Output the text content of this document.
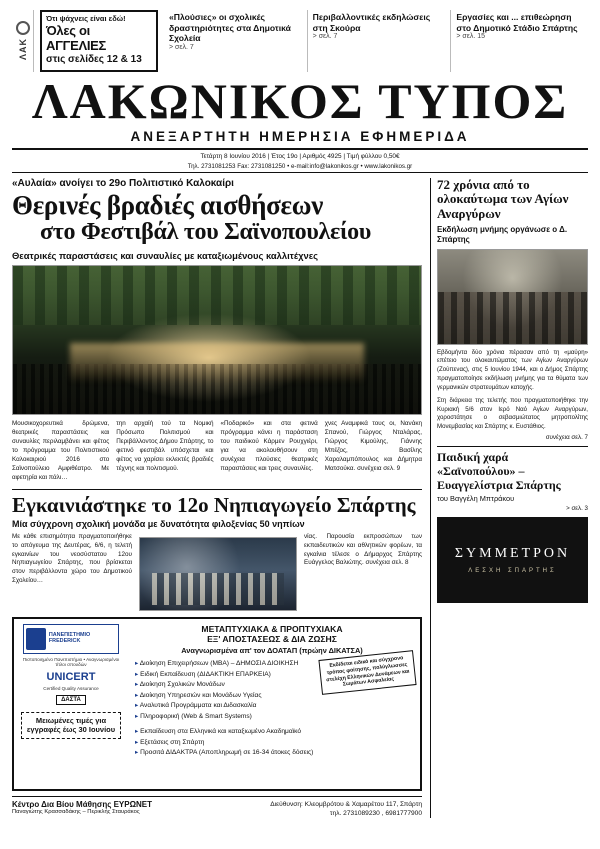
ΛΑΚ
Ότι ψάχνεις είναι εδώ!
Όλες οι ΑΓΓΕΛΙΕΣ
στις σελίδες 12 & 13
«Πλούσιες» οι σχολικές δραστηριότητες στα Δημοτικά Σχολεία
> σελ. 7
Περιβαλλοντικές εκδηλώσεις στη Σκούρα
> σελ. 7
Εργασίες και ... επιθεώρηση στο Δημοτικό Στάδιο Σπάρτης
> σελ. 15
ΛΑΚΩΝΙΚΟΣ ΤΥΠΟΣ
ΑΝΕΞΑΡΤΗΤΗ ΗΜΕΡΗΣΙΑ ΕΦΗΜΕΡΙΔΑ
Τετάρτη 8 Ιουνίου 2016 | Έτος 19ο | Αριθμός 4925 | Τιμή φύλλου 0,50€
Τηλ. 2731081253 Fax: 2731081250 • e-mail:info@lakonikos.gr • www.lakonikos.gr
«Αυλαία» ανοίγει το 29ο Πολιτιστικό Καλοκαίρι
Θερινές βραδιές αισθήσεων
στο Φεστιβάλ του Σαϊνοπουλείου
Θεατρικές παραστάσεις και συναυλίες με καταξιωμένους καλλιτέχνες
Μουσικοχορευτικά δρώμενα, θεατρικές παραστάσεις και συναυλίες περιλαμβάνει και φέτος το πρόγραμμα του Πολιτιστικού Καλοκαιριού 2016 στο Σαϊνοπούλειο Αμφιθέατρο. Με αφετηρία και πάλι…
τηn αρχαίή τού τα Νομική Πρόσωπο Πολιτισμού και Περιβάλλοντος Δήμου Σπάρτης, το φετινό φεστιβάλ υπόσχεται και φέτος να χαρίσει εκλεκτές βραδιές τέχνης και πολιτισμού.
«Ποδαρικό» και στα φετινά πρόγραμμα κάνει η παράσταση του παιδικού Κάρμεν Ρουχγιέρι, για να ακολουθήσουν στη συνέχεια πλούσιες θεατρικές παραστάσεις και τρεις συναυλίες.
χνες Αναμφικά τους οι, Νανάκη Σπανού, Γιώργος Νταλάρας, Γιώργος Κιμούλης, Γιάννης Μπέζος, Βασίλης Χαραλαμπόπουλος και Δήμητρα Ματσούκα. συνέχεια σελ. 9
Εγκαινιάστηκε το 12ο Νηπιαγωγείο Σπάρτης
Μία σύγχρονη σχολική μονάδα με δυνατότητα φιλοξενίας 50 νηπίων
Με κάθε επισημότητα πραγματοποιήθηκε το απόγευμα της Δευτέρας, 6/6, η τελετή εγκαινίων του νεοσύστατου 12ου Νηπιαγωγείου Σπάρτης, που βρίσκεται στον περιβάλλοντα χώρο του Δημοτικού Σχολείου…
νίας. Παρουσία εκπροσώπων των εκπαιδευτικών και αθλητικών φορέων, τα εγκαίνια τέλεσε ο Δήμαρχος Σπάρτης Ευάγγελος Βαλιώτης. συνέχεια σελ. 8
ΠΑΝΕΠΙΣΤΗΜΙΟ FREDERICK
Πιστοποιημένο Πανεπιστήμιο • Αναγνωρισμένοι τίτλοι σπουδών
UNICERT
Certified Quality Assurance
ΔΑΣΤΑ
Μειωμένες τιμές για
εγγραφές έως 30 Ιουνίου
ΜΕΤΑΠΤΥΧΙΑΚΑ & ΠΡΟΠΤΥΧΙΑΚΑ
ΕΞ' ΑΠΟΣΤΑΣΕΩΣ & ΔΙΑ ΖΩΣΗΣ
Αναγνωρισμένα απ' τον ΔΟΑΤΑΠ (πρώην ΔΙΚΑΤΣΑ)
Εκδίδεται ειδικό και σύγχρονο τρόπος φοίτησης, πολύγλωσσες στελέχη Ελληνικών Δυνάμεων και Σωμάτων Ασφαλείας
▸ Διοίκηση Επιχειρήσεων (ΜΒΑ) – ΔΗΜΟΣΙΑ ΔΙΟΙΚΗΣΗ
▸ Ειδική Εκπαίδευση (ΔΙΔΑΚΤΙΚΗ ΕΠΑΡΚΕΙΑ)
▸ Διοίκηση Σχολικών Μονάδων
▸ Διοίκηση Υπηρεσιών και Μονάδων Υγείας
▸ Αναλυτικά Προγράμματα και Διδασκαλία
▸ Πληροφορική (Web & Smart Systems)
▸ Εκπαίδευση στα Ελληνικά και καταξιωμένο Ακαδημαϊκό
▸ Εξετάσεις στη Σπάρτη
▸ Προσιτά ΔΙΔΑΚΤΡΑ (Απoπληρωμή σε 16-34 άτοκες δόσεις)
Κέντρο Δια Βίου Μάθησης ΕΥΡΩΝΕΤ
Παναγιώτης Κρασσαδάκης – Περικλής Σταυράκος
Διεύθυνση: Κλεομβρότου & Χαμαρέτου 117, Σπάρτη
τηλ. 2731089230 , 6981777900
72 χρόνια από το ολοκαύτωμα των Αγίων Αναργύρων
Εκδήλωση μνήμης οργάνωσε ο Δ. Σπάρτης
Εβδομήντα δύο χρόνια πέρασαν από τη «μαύρη» επέτειο του ολοκαυτώματος των Αγίων Αναργύρων (Ζούπενας), στις 5 Ιουνίου 1944, και ο Δήμος Σπάρτης πραγματοποίησε εκδήλωση μνήμης για τα θύματα των γερμανικών στρατευμάτων κατοχής.
Στη διάρκεια της τελετής που πραγματοποιήθηκε την Κυριακή 5/6 στον Ιερό Ναό Αγίων Αναργύρων, χοροστάτησε ο σεβασμιώτατος μητροπολίτης Μονεμβασίας και Σπάρτης κ. Ευστάθιος.
συνέχεια σελ. 7
Παιδική χαρά «Σαϊνοπούλου» – Ευαγγελίστρια Σπάρτης
του Βαγγέλη Μπτράκου
> σελ. 3
ΣΥΜΜΕΤΡΟΝ
ΛΕΣΧΗ ΣΠΑΡΤΗΣ
